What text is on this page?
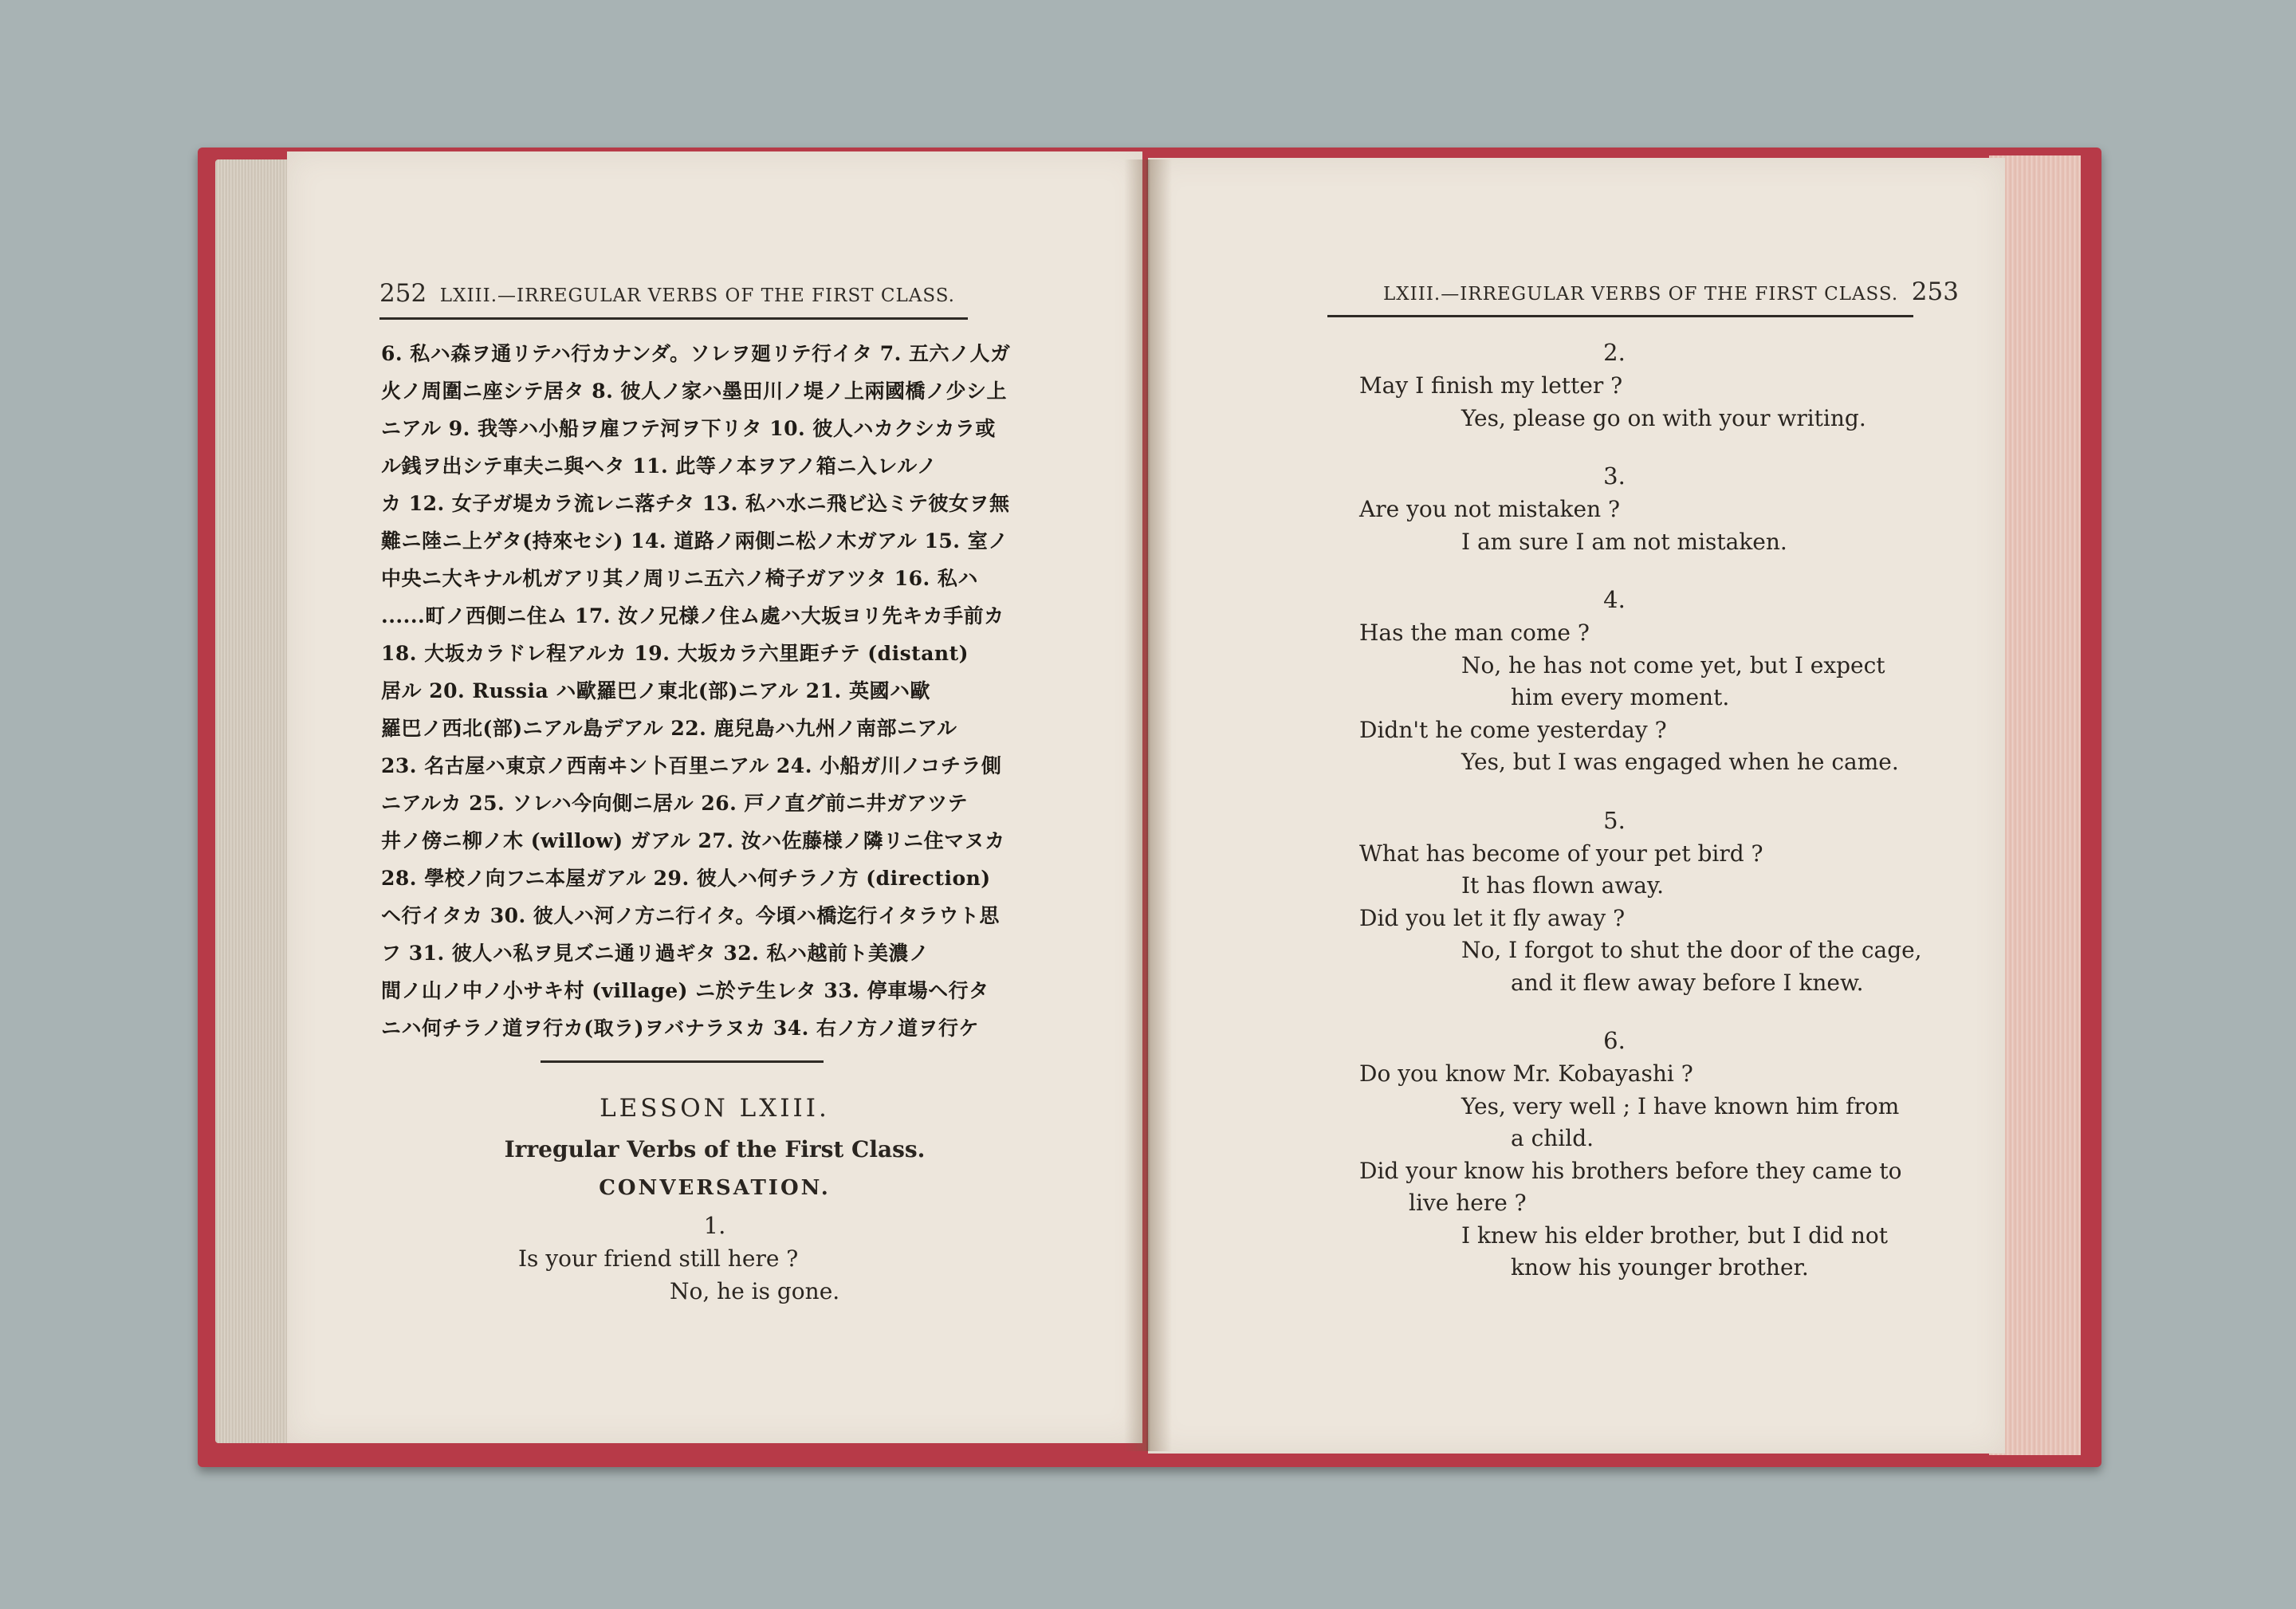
252 LXIII.—IRREGULAR VERBS OF THE FIRST CLASS.
6. 私ハ森ヲ通リテハ行カナンダ。ソレヲ廻リテ行イタ 7. 五六ノ人ガ
火ノ周圍ニ座シテ居タ 8. 彼人ノ家ハ墨田川ノ堤ノ上兩國橋ノ少シ上
ニアル 9. 我等ハ小船ヲ雇フテ河ヲ下リタ 10. 彼人ハカクシカラ或
ル銭ヲ出シテ車夫ニ與ヘタ 11. 此等ノ本ヲアノ箱ニ入レルノ
カ 12. 女子ガ堤カラ流レニ落チタ 13. 私ハ水ニ飛ビ込ミテ彼女ヲ無
難ニ陸ニ上ゲタ(持來セシ) 14. 道路ノ兩側ニ松ノ木ガアル 15. 室ノ
中央ニ大キナル机ガアリ其ノ周リニ五六ノ椅子ガアツタ 16. 私ハ
......町ノ西側ニ住ム 17. 汝ノ兄様ノ住ム處ハ大坂ヨリ先キカ手前カ
18. 大坂カラドレ程アルカ 19. 大坂カラ六里距チテ (distant)
居ル 20. Russia ハ歐羅巴ノ東北(部)ニアル 21. 英國ハ歐
羅巴ノ西北(部)ニアル島デアル 22. 鹿兒島ハ九州ノ南部ニアル
23. 名古屋ハ東京ノ西南ヰン卜百里ニアル 24. 小船ガ川ノコチラ側
ニアルカ 25. ソレハ今向側ニ居ル 26. 戸ノ直グ前ニ井ガアツテ
井ノ傍ニ柳ノ木 (willow) ガアル 27. 汝ハ佐藤様ノ隣リニ住マヌカ
28. 學校ノ向フニ本屋ガアル 29. 彼人ハ何チラノ方 (direction)
ヘ行イタカ 30. 彼人ハ河ノ方ニ行イタ。今頃ハ橋迄行イタラウト思
フ 31. 彼人ハ私ヲ見ズニ通リ過ギタ 32. 私ハ越前ト美濃ノ
間ノ山ノ中ノ小サキ村 (village) ニ於テ生レタ 33. 停車場ヘ行タ
ニハ何チラノ道ヲ行カ(取ラ)ヲバナラヌカ 34. 右ノ方ノ道ヲ行ケ
LESSON LXIII.
Irregular Verbs of the First Class.
CONVERSATION.
1.
Is your friend still here ?
No, he is gone.
LXIII.—IRREGULAR VERBS OF THE FIRST CLASS. 253
2.
May I finish my letter ?
Yes, please go on with your writing.
3.
Are you not mistaken ?
I am sure I am not mistaken.
4.
Has the man come ?
No, he has not come yet, but I expect
him every moment.
Didn't he come yesterday ?
Yes, but I was engaged when he came.
5.
What has become of your pet bird ?
It has flown away.
Did you let it fly away ?
No, I forgot to shut the door of the cage,
and it flew away before I knew.
6.
Do you know Mr. Kobayashi ?
Yes, very well ; I have known him from
a child.
Did your know his brothers before they came to
live here ?
I knew his elder brother, but I did not
know his younger brother.
